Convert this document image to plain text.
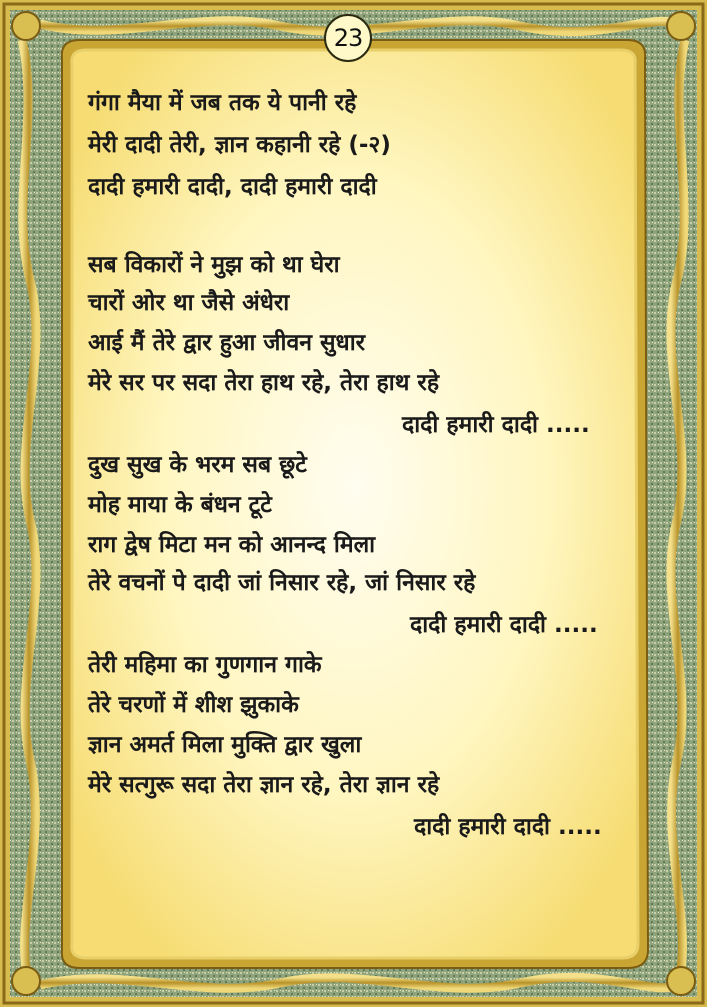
23
गंगा मैया में जब तक ये पानी रहे
मेरी दादी तेरी, ज्ञान कहानी रहे (-२)
दादी हमारी दादी, दादी हमारी दादी
सब विकारों ने मुझ को था घेरा
चारों ओर था जैसे अंधेरा
आई मैं तेरे द्वार हुआ जीवन सुधार
मेरे सर पर सदा तेरा हाथ रहे, तेरा हाथ रहे
दादी हमारी दादी .....
दुख सुख के भरम सब छूटे
मोह माया के बंधन टूटे
राग द्वेष मिटा मन को आनन्द मिला
तेरे वचनों पे दादी जां निसार रहे, जां निसार रहे
दादी हमारी दादी .....
तेरी महिमा का गुणगान गाके
तेरे चरणों में शीश झुकाके
ज्ञान अमर्त मिला मुक्ति द्वार खुला
मेरे सत्गुरू सदा तेरा ज्ञान रहे, तेरा ज्ञान रहे
दादी हमारी दादी .....
